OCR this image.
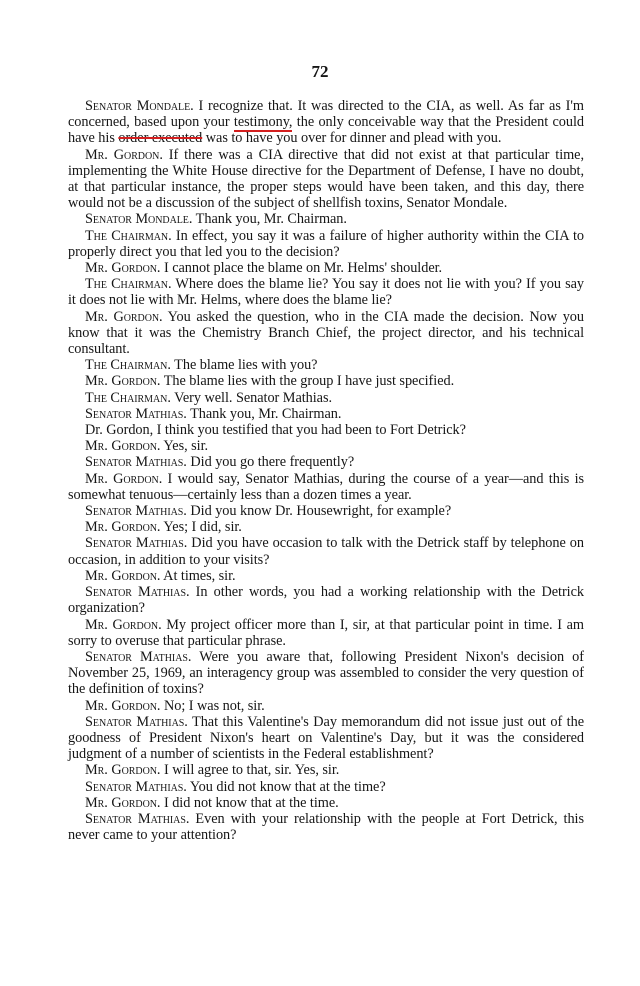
72

Senator Mondale. I recognize that. It was directed to the CIA, as well. As far as I'm concerned, based upon your testimony, the only conceivable way that the President could have his order executed was to have you over for dinner and plead with you.

Mr. Gordon. If there was a CIA directive that did not exist at that particular time, implementing the White House directive for the Department of Defense, I have no doubt, at that particular instance, the proper steps would have been taken, and this day, there would not be a discussion of the subject of shellfish toxins, Senator Mondale.

Senator Mondale. Thank you, Mr. Chairman.

The Chairman. In effect, you say it was a failure of higher authority within the CIA to properly direct you that led you to the decision?

Mr. Gordon. I cannot place the blame on Mr. Helms' shoulder.

The Chairman. Where does the blame lie? You say it does not lie with you? If you say it does not lie with Mr. Helms, where does the blame lie?

Mr. Gordon. You asked the question, who in the CIA made the decision. Now you know that it was the Chemistry Branch Chief, the project director, and his technical consultant.

The Chairman. The blame lies with you?

Mr. Gordon. The blame lies with the group I have just specified.

The Chairman. Very well. Senator Mathias.

Senator Mathias. Thank you, Mr. Chairman.

Dr. Gordon, I think you testified that you had been to Fort Detrick?

Mr. Gordon. Yes, sir.

Senator Mathias. Did you go there frequently?

Mr. Gordon. I would say, Senator Mathias, during the course of a year—and this is somewhat tenuous—certainly less than a dozen times a year.

Senator Mathias. Did you know Dr. Housewright, for example?

Mr. Gordon. Yes; I did, sir.

Senator Mathias. Did you have occasion to talk with the Detrick staff by telephone on occasion, in addition to your visits?

Mr. Gordon. At times, sir.

Senator Mathias. In other words, you had a working relationship with the Detrick organization?

Mr. Gordon. My project officer more than I, sir, at that particular point in time. I am sorry to overuse that particular phrase.

Senator Mathias. Were you aware that, following President Nixon's decision of November 25, 1969, an interagency group was assembled to consider the very question of the definition of toxins?

Mr. Gordon. No; I was not, sir.

Senator Mathias. That this Valentine's Day memorandum did not issue just out of the goodness of President Nixon's heart on Valentine's Day, but it was the considered judgment of a number of scientists in the Federal establishment?

Mr. Gordon. I will agree to that, sir. Yes, sir.

Senator Mathias. You did not know that at the time?

Mr. Gordon. I did not know that at the time.

Senator Mathias. Even with your relationship with the people at Fort Detrick, this never came to your attention?
